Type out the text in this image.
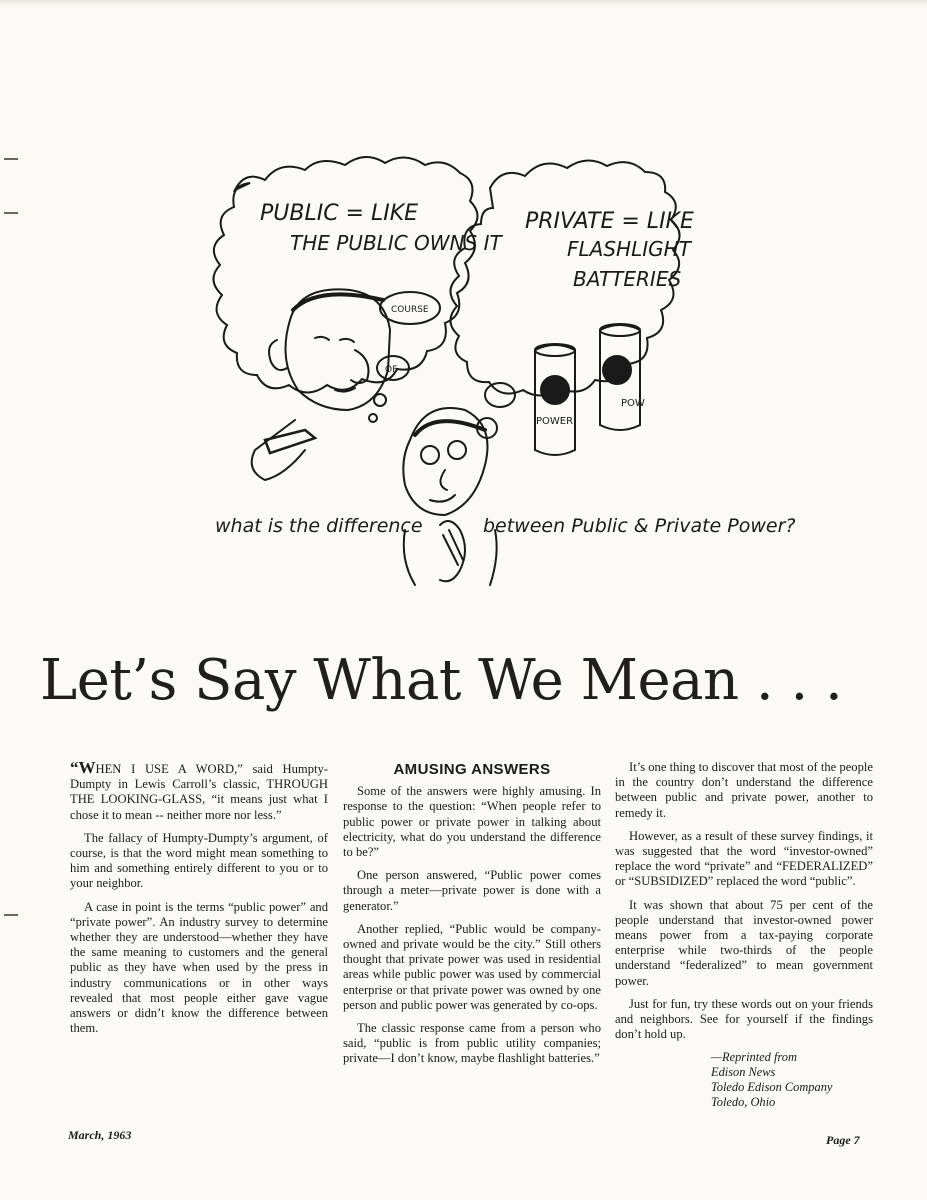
PUBLIC = LIKE
THE PUBLIC OWNS IT
PRIVATE = LIKE
FLASHLIGHT
BATTERIES
COURSE
OF
POWER
POW
what is the difference	between Public & Private Power?
Let’s Say What We Mean . . .

“WHEN I USE A WORD,” said Humpty-Dumpty in Lewis Carroll’s classic, THROUGH THE LOOKING-GLASS, “it means just what I chose it to mean -- neither more nor less.”

The fallacy of Humpty-Dumpty’s argument, of course, is that the word might mean something to him and something entirely different to you or to your neighbor.

A case in point is the terms “public power” and “private power”. An industry survey to determine whether they are understood—whether they have the same meaning to customers and the general public as they have when used by the press in industry communications or in other ways revealed that most people either gave vague answers or didn’t know the difference between them.

AMUSING ANSWERS

Some of the answers were highly amusing. In response to the question: “When people refer to public power or private power in talking about electricity, what do you understand the difference to be?”

One person answered, “Public power comes through a meter—private power is done with a generator.”

Another replied, “Public would be company-owned and private would be the city.” Still others thought that private power was used in residential areas while public power was used by commercial enterprise or that private power was owned by one person and public power was generated by co-ops.

The classic response came from a person who said, “public is from public utility companies; private—I don’t know, maybe flashlight batteries.”

It’s one thing to discover that most of the people in the country don’t understand the difference between public and private power, another to remedy it.

However, as a result of these survey findings, it was suggested that the word “investor-owned” replace the word “private” and “FEDERALIZED” or “SUBSIDIZED” replaced the word “public”.

It was shown that about 75 per cent of the people understand that investor-owned power means power from a tax-paying corporate enterprise while two-thirds of the people understand “federalized” to mean government power.

Just for fun, try these words out on your friends and neighbors. See for yourself if the findings don’t hold up.

—Reprinted from
Edison News
Toledo Edison Company
Toledo, Ohio
March, 1963	Page 7
